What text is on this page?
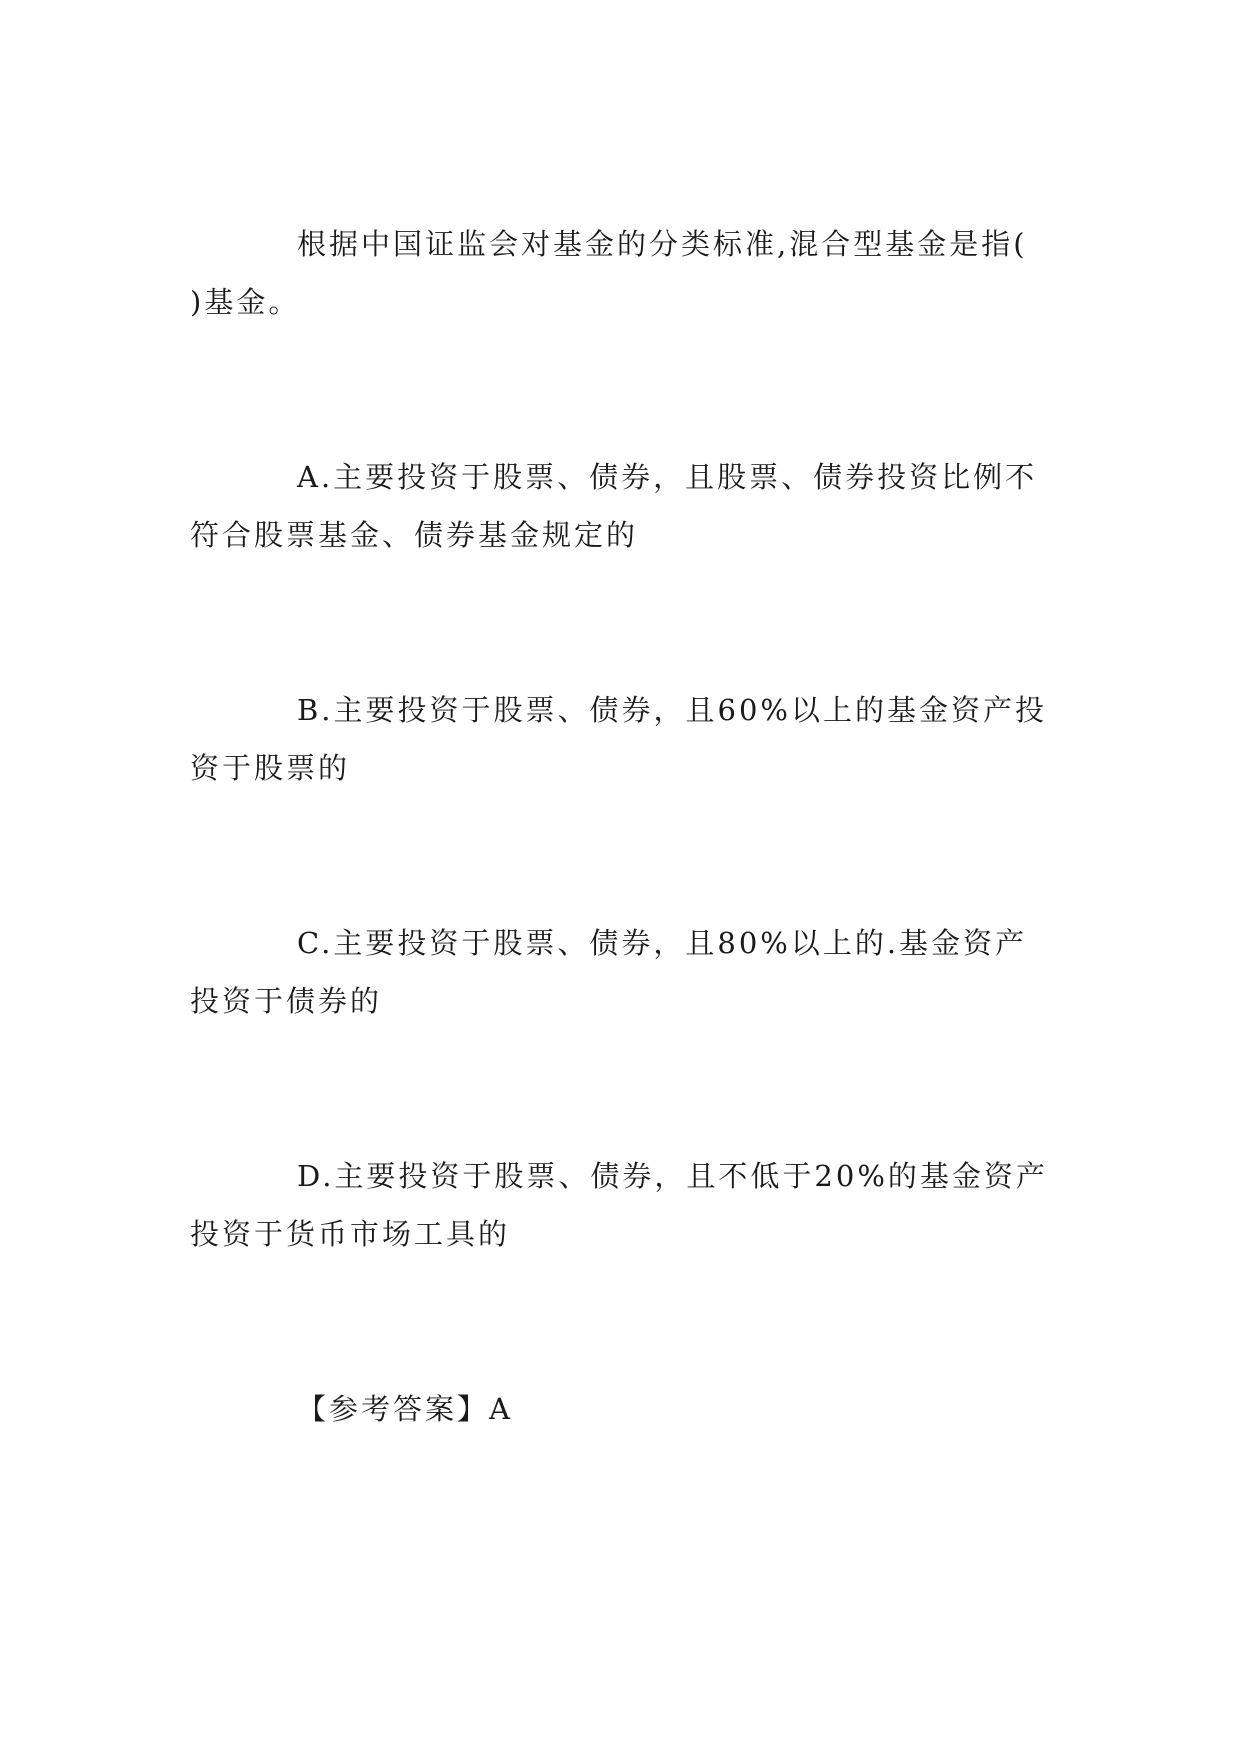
根据中国证监会对基金的分类标准,混合型基金是指(　　)基金。

A.主要投资于股票、债券，且股票、债券投资比例不符合股票基金、债券基金规定的

B.主要投资于股票、债券，且60%以上的基金资产投资于股票的

C.主要投资于股票、债券，且80%以上的.基金资产投资于债券的

D.主要投资于股票、债券，且不低于20%的基金资产投资于货币市场工具的

【参考答案】A
